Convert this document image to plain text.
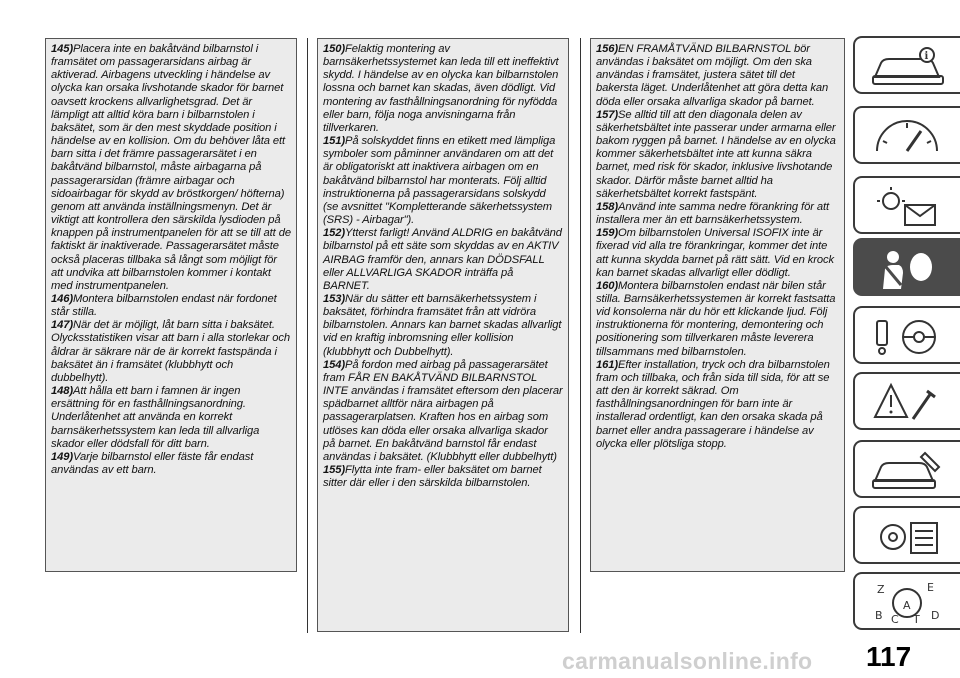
145)Placera inte en bakåtvänd bilbarnstol i framsätet om passagerarsidans airbag är aktiverad. Airbagens utveckling i händelse av olycka kan orsaka livshotande skador för barnet oavsett krockens allvarlighetsgrad. Det är lämpligt att alltid köra barn i bilbarnstolen i baksätet, som är den mest skyddade position i händelse av en kollision. Om du behöver låta ett barn sitta i det främre passagerarsätet i en bakåtvänd bilbarnstol, måste airbagarna på passagerarsidan (främre airbagar och sidoairbagar för skydd av bröstkorgen/ höfterna) genom att använda inställningsmenyn. Det är viktigt att kontrollera den särskilda lysdioden på knappen på instrumentpanelen för att se till att de faktiskt är inaktiverade. Passagerarsätet måste också placeras tillbaka så långt som möjligt för att undvika att bilbarnstolen kommer i kontakt med instrumentpanelen.

146)Montera bilbarnstolen endast när fordonet står stilla.

147)När det är möjligt, låt barn sitta i baksätet. Olycksstatistiken visar att barn i alla storlekar och åldrar är säkrare när de är korrekt fastspända i baksätet än i framsätet (klubbhytt och dubbelhytt).

148)Att hålla ett barn i famnen är ingen ersättning för en fasthållningsanordning. Underlåtenhet att använda en korrekt barnsäkerhetssystem kan leda till allvarliga skador eller dödsfall för ditt barn.

149)Varje bilbarnstol eller fäste får endast användas av ett barn.

150)Felaktig montering av barnsäkerhetssystemet kan leda till ett ineffektivt skydd. I händelse av en olycka kan bilbarnstolen lossna och barnet kan skadas, även dödligt. Vid montering av fasthållningsanordning för nyfödda eller barn, följa noga anvisningarna från tillverkaren.

151)På solskyddet finns en etikett med lämpliga symboler som påminner användaren om att det är obligatoriskt att inaktivera airbagen om en bakåtvänd bilbarnstol har monterats. Följ alltid instruktionerna på passagerarsidans solskydd (se avsnittet "Kompletterande säkerhetssystem (SRS) - Airbagar").

152)Ytterst farligt! Använd ALDRIG en bakåtvänd bilbarnstol på ett säte som skyddas av en AKTIV AIRBAG framför den, annars kan DÖDSFALL eller ALLVARLIGA SKADOR inträffa på BARNET.

153)När du sätter ett barnsäkerhetssystem i baksätet, förhindra framsätet från att vidröra bilbarnstolen. Annars kan barnet skadas allvarligt vid en kraftig inbromsning eller kollision (klubbhytt och Dubbelhytt).

154)På fordon med airbag på passagerarsätet fram FÅR EN BAKÅTVÄND BILBARNSTOL INTE användas i framsätet eftersom den placerar spädbarnet alltför nära airbagen på passagerarplatsen. Kraften hos en airbag som utlöses kan döda eller orsaka allvarliga skador på barnet. En bakåtvänd barnstol får endast användas i baksätet. (Klubbhytt eller dubbelhytt)

155)Flytta inte fram- eller baksätet om barnet sitter där eller i den särskilda bilbarnstolen.

156)EN FRAMÅTVÄND BILBARNSTOL bör användas i baksätet om möjligt. Om den ska användas i framsätet, justera sätet till det bakersta läget. Underlåtenhet att göra detta kan döda eller orsaka allvarliga skador på barnet.

157)Se alltid till att den diagonala delen av säkerhetsbältet inte passerar under armarna eller bakom ryggen på barnet. I händelse av en olycka kommer säkerhetsbältet inte att kunna säkra barnet, med risk för skador, inklusive livshotande skador. Därför måste barnet alltid ha säkerhetsbältet korrekt fastspänt.

158)Använd inte samma nedre förankring för att installera mer än ett barnsäkerhetssystem.

159)Om bilbarnstolen Universal ISOFIX inte är fixerad vid alla tre förankringar, kommer det inte att kunna skydda barnet på rätt sätt. Vid en krock kan barnet skadas allvarligt eller dödligt.

160)Montera bilbarnstolen endast när bilen står stilla. Barnsäkerhetssystemen är korrekt fastsatta vid konsolerna när du hör ett klickande ljud. Följ instruktionerna för montering, demontering och positionering som tillverkaren måste leverera tillsammans med bilbarnstolen.

161)Efter installation, tryck och dra bilbarnstolen fram och tillbaka, och från sida till sida, för att se att den är korrekt säkrad. Om fasthållningsanordningen för barn inte är installerad ordentligt, kan den orsaka skada på barnet eller andra passagerare i händelse av olycka eller plötsliga stopp.

i
Z	E
B
A
C T D
carmanualsonline.info 117
